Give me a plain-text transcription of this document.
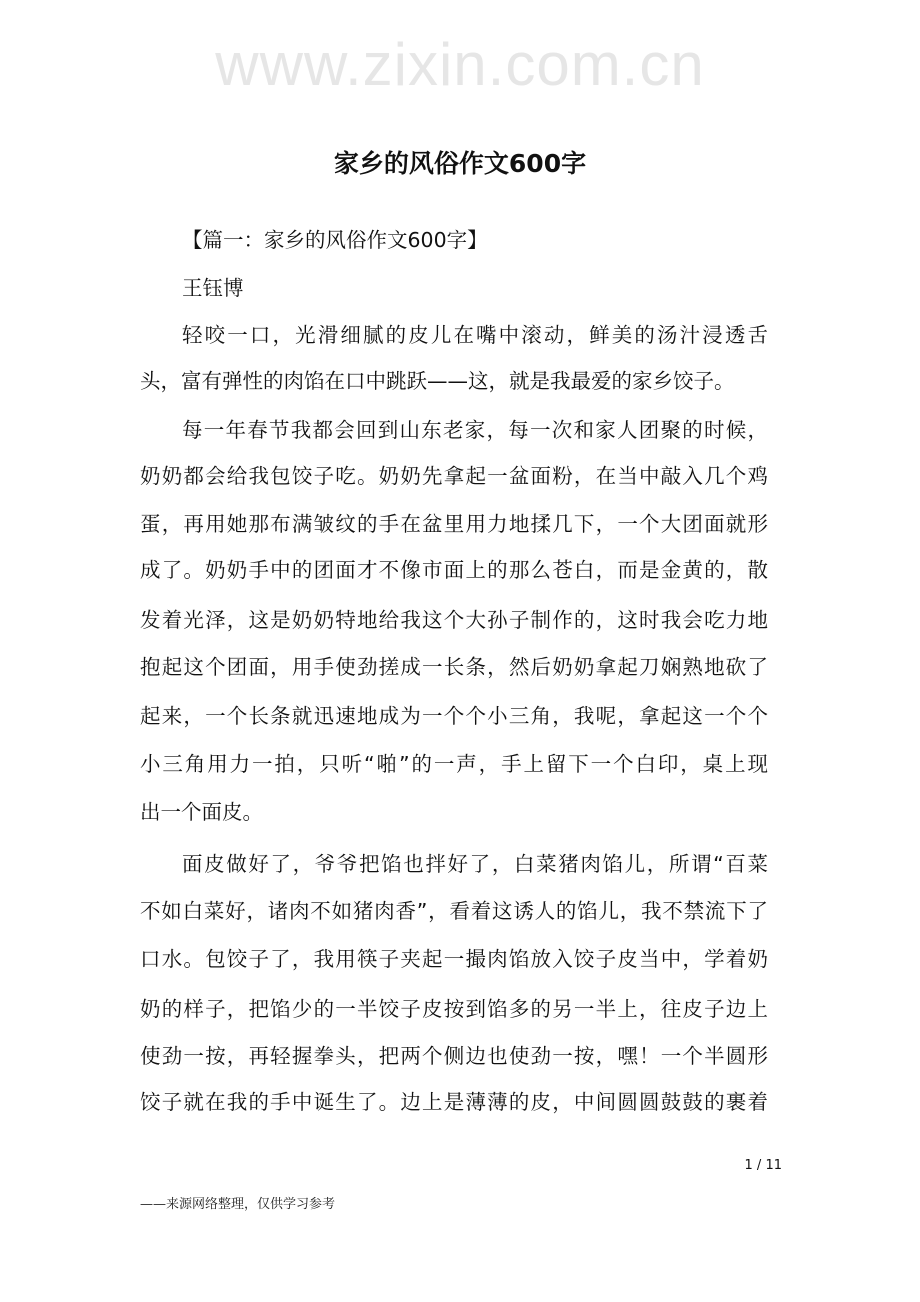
www.zixin.com.cn
家乡的风俗作文600字
【篇一：家乡的风俗作文600字】
王钰博
轻咬一口，光滑细腻的皮儿在嘴中滚动，鲜美的汤汁浸透舌
头，富有弹性的肉馅在口中跳跃——这，就是我最爱的家乡饺子。
每一年春节我都会回到山东老家，每一次和家人团聚的时候，
奶奶都会给我包饺子吃。奶奶先拿起一盆面粉，在当中敲入几个鸡
蛋，再用她那布满皱纹的手在盆里用力地揉几下，一个大团面就形
成了。奶奶手中的团面才不像市面上的那么苍白，而是金黄的，散
发着光泽，这是奶奶特地给我这个大孙子制作的，这时我会吃力地
抱起这个团面，用手使劲搓成一长条，然后奶奶拿起刀娴熟地砍了
起来，一个长条就迅速地成为一个个小三角，我呢，拿起这一个个
小三角用力一拍，只听“啪”的一声，手上留下一个白印，桌上现
出一个面皮。
面皮做好了，爷爷把馅也拌好了，白菜猪肉馅儿，所谓“百菜
不如白菜好，诸肉不如猪肉香”，看着这诱人的馅儿，我不禁流下了
口水。包饺子了，我用筷子夹起一撮肉馅放入饺子皮当中，学着奶
奶的样子，把馅少的一半饺子皮按到馅多的另一半上，往皮子边上
使劲一按，再轻握拳头，把两个侧边也使劲一按，嘿！一个半圆形
饺子就在我的手中诞生了。边上是薄薄的皮，中间圆圆鼓鼓的裹着
1 / 11
——来源网络整理，仅供学习参考
